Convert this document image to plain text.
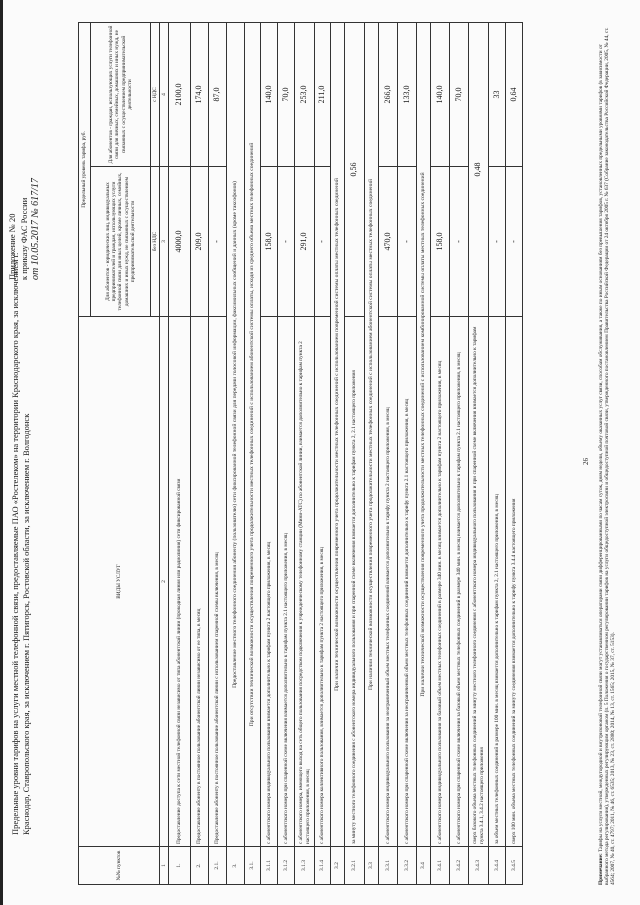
Приложение № 20 к приказу ФАС России от 10.05.2017 № 617/17
Предельные уровни тарифов на услуги местной телефонной связи, предоставляемые ПАО «Ростелеком» на территории Краснодарского края, за исключением г. Краснодар, Ставропольского края, за исключением г. Пятигорск, Ростовской области, за исключением г. Волгодонск
№№ пунктов	ВИДЫ УСЛУГ	Предельный уровень тарифа, руб.	
		Для абонентов - юридических лиц, индивидуальных предпринимателей и граждан, использующих услуги телефонной связи для иных целей, кроме личных, семейных, домашних и иных нужд, не связанных с осуществлением предпринимательской деятельности	Для абонентов - граждан, использующих услуги телефонной связи для личных, семейных, домашних и иных нужд, не связанных с осуществлением предпринимательской деятельности
		без НДС	с НДС
1	2	3	4
1.	Предоставление доступа к сети местной телефонной связи независимо от типа абонентской линии (проводная линия или радиолиния) сети фиксированной связи	4000,0	2100,0
2.	Предоставление абоненту в постоянное пользование абонентской линии независимо от ее типа, в месяц	209,0	174,0
2.1.	Предоставление абоненту в постоянное пользование абонентской линии с использованием спаренной схемы включения, в месяц	-	87,0
3.	Предоставление местного телефонного соединения абоненту (пользователю) сети фиксированной телефонной связи для передачи голосовой информации, факсимильных сообщений и данных (кроме таксофонов)		
3.1.	При отсутствии технической возможности осуществления повременного учета продолжительности местных телефонных соединений с использованием абонентской системы оплаты, исходя из среднего объема местных телефонных соединений		
3.1.1	с абонентского номера индивидуального пользования взимается дополнительно к тарифам пункта 2 настоящего приложения, в месяц	158,0	140,0
3.1.2	с абонентского номера при спаренной схеме включения взимается дополнительно к тарифам пункта 2.1 настоящего приложения, в месяц	-	70,0
3.1.3	с абонентского номера, имеющего выход на сеть общего пользования посредством подключения к учрежденческому телефонному станции (Мини-АТС) по абонентской линии, взимается дополнительно к тарифам пункта 2 настоящего приложения, в месяц	291,0	253,0
3.1.4	с абонентского номера коллективного пользования, взимается дополнительно к тарифам пункта 2 настоящего приложения, в месяц	-	211,0
3.2	При наличии технической возможности осуществления повременного учета продолжительности местных телефонных соединений с использованием повременной системы оплаты местных телефонных соединений		
3.2.1	за минуту местного телефонного соединения с абонентского номера индивидуального пользования и при спаренной схеме включения взимается дополнительно к тарифам пункта 2, 2.1 настоящего приложения	0,56	
3.3	При наличии технической возможности осуществления повременного учета продолжительности местных телефонных соединений с использованием абонентской системы оплаты местных телефонных соединений		
3.3.1	с абонентского номера индивидуального пользования за неограниченный объем местных телефонных соединений взимается дополнительно к тарифу пункта 2 настоящего приложения, в месяц	470,0	266,0
3.3.2	с абонентского номера при спаренной схеме включения за неограниченный объем местных телефонных соединений взимается дополнительно к тарифу пункта 2.1 настоящего приложения, в месяц	-	133,0
3.4	При наличии технической возможности осуществления повременного учета продолжительности местных телефонных соединений с использованием комбинированной системы оплаты местных телефонных соединений		
3.4.1	с абонентского номера индивидуального пользования за базовый объем местных телефонных соединений в размере 340 мин. в месяц взимается дополнительно к тарифам пункта 2 настоящего приложения, в месяц	158,0	140,0
3.4.2	с абонентского номера при спаренной схеме включения за базовый объем местных телефонных соединений в размере 340 мин. в месяц взимается дополнительно к тарифам пункта 2.1 настоящего приложения, в месяц	-	70,0
3.4.3	сверх базового объема местных телефонных соединений за минуту местного телефонного соединения с абонентского номера индивидуального пользования и при спаренной схеме включения взимается дополнительно к тарифам пункта 3.4.1, 3.4.2 настоящего приложения	0,48	
3.4.4	за объем местных телефонных соединений в размере 100 мин. в месяц взимается дополнительно к тарифам пункта 2, 2.1 настоящего приложения, в месяц	-	33
3.4.5	сверх 100 мин. объема местных телефонных соединений за минуту соединения взимается дополнительно к тарифу пункта 3.4.4 настоящего приложения	-	0,64
26
Примечание: Тарифы на услуги местной, междугородной и внутризоновой телефонной связи могут устанавливаться операторами связи дифференцированными по часам суток, дням недели, объему оказанных услуг связи, способам обслуживания, а также по иным основаниям без превышения тарифов, установленных предельными уровнями тарифов (в зависимости от выбранного метода регулирования), утвержденных регулирующим органом (п. 5 Положения о государственном регулировании тарифов на услуги общедоступной электросвязи и общедоступной почтовой связи, утвержденного постановлением Правительства Российской Федерации от 24 октября 2005 г. № 637 (Собрание законодательства Российской Федерации, 2005, № 44, ст. 4564; 2007, № 40, ст. 4797; 2011, № 46, ст. 6535; 2013, № 23, ст. 2880; 2014, № 13, ст. 1565; 2015, № 37, ст. 5153).
